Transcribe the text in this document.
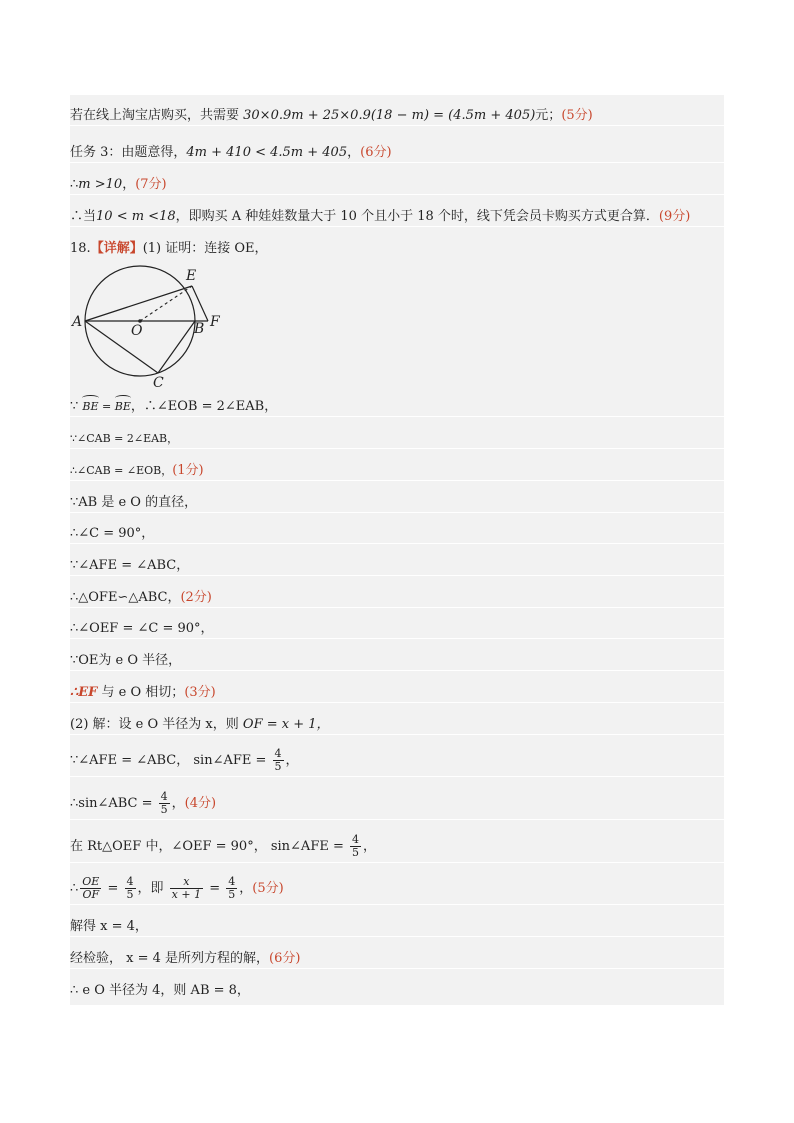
若在线上淘宝店购买，共需要 30×0.9m + 25×0.9(18 − m) = (4.5m + 405)元；(5分)
任务 3：由题意得，4m + 410 < 4.5m + 405，(6分)
∴m >10，(7分)
∴当10 < m <18，即购买 A 种娃娃数量大于 10 个且小于 18 个时，线下凭会员卡购买方式更合算．(9分)
18.【详解】(1) 证明：连接 OE，
A
O	B F
E
C
∵ BE = BE，∴∠EOB = 2∠EAB，
∵∠CAB = 2∠EAB，
∴∠CAB = ∠EOB，(1分)
∵AB 是 e O 的直径，
∴∠C = 90°，
∵∠AFE = ∠ABC，
∴△OFE∽△ABC，(2分)
∴∠OEF = ∠C = 90°，
∵OE为 e O 半径，
∴EF 与 e O 相切；(3分)
(2) 解：设 e O 半径为 x，则 OF = x + 1，
∵∠AFE = ∠ABC， sin∠AFE = $\frac{4}{5}$ ，
∴sin∠ABC = $\frac{4}{5}$ ，(4分)
在 Rt△OEF 中，∠OEF = 90°， sin∠AFE = $\frac{4}{5}$ ，
∴ $\frac{OE}{OF} = \frac{4}{5}$ ，即 $\frac{x}{x + 1} = \frac{4}{5}$ ，(5分)
解得 x = 4，
经检验， x = 4 是所列方程的解，(6分)
∴ e O 半径为 4，则 AB = 8，
